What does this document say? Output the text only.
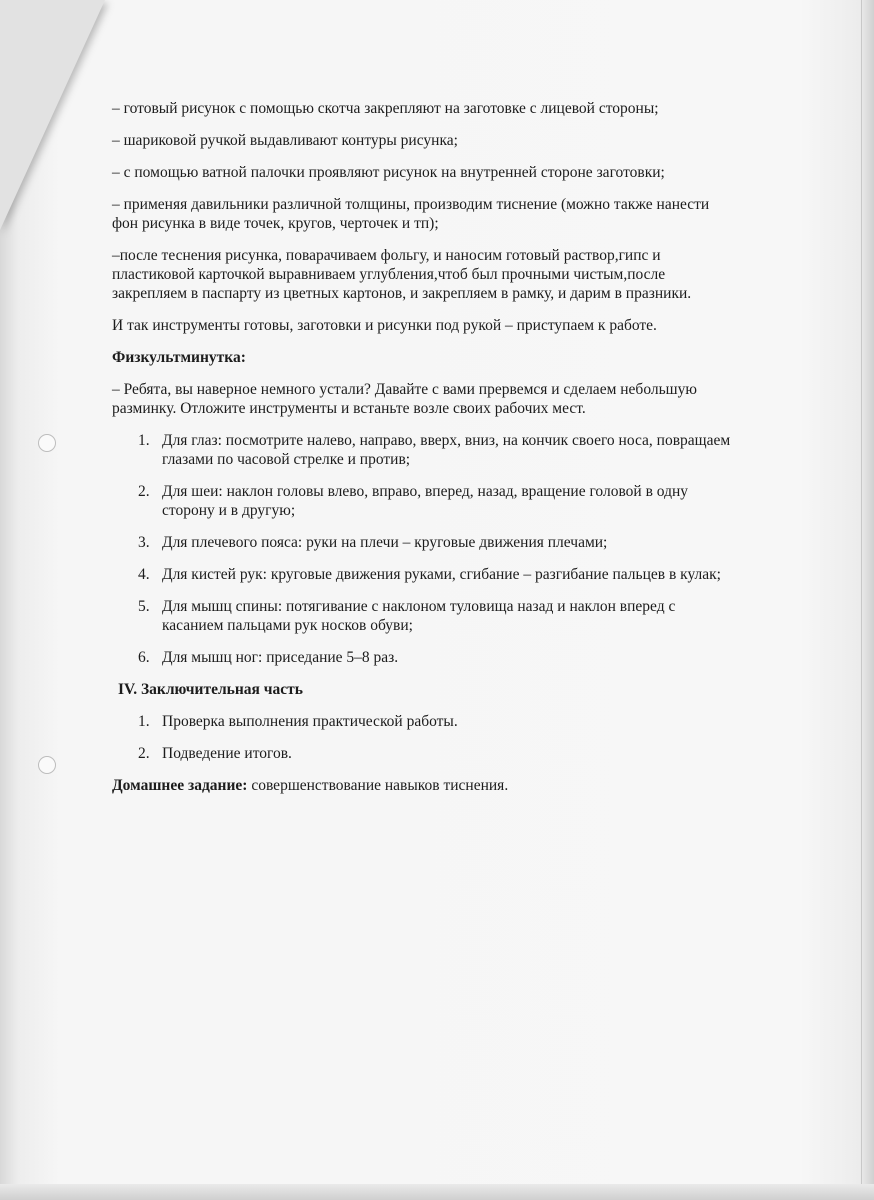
– готовый рисунок с помощью скотча закрепляют на заготовке с лицевой стороны;
– шариковой ручкой выдавливают контуры рисунка;
– с помощью ватной палочки проявляют рисунок на внутренней стороне заготовки;
– применяя давильники различной толщины, производим тиснение (можно также нанести
фон рисунка в виде точек, кругов, черточек и тп);
–после теснения рисунка, поварачиваем фольгу, и наносим готовый раствор,гипс и
пластиковой карточкой выравниваем углубления,чтоб был прочными чистым,после
закрепляем в паспарту из цветных картонов, и закрепляем в рамку, и дарим в празники.
И так инструменты готовы, заготовки и рисунки под рукой – приступаем к работе.
Физкультминутка:
– Ребята, вы наверное немного устали? Давайте с вами прервемся и сделаем небольшую
разминку. Отложите инструменты и встаньте возле своих рабочих мест.
1. Для глаз: посмотрите налево, направо, вверх, вниз, на кончик своего носа, повращаем
глазами по часовой стрелке и против;
2. Для шеи: наклон головы влево, вправо, вперед, назад, вращение головой в одну
сторону и в другую;
3. Для плечевого пояса: руки на плечи – круговые движения плечами;
4. Для кистей рук: круговые движения руками, сгибание – разгибание пальцев в кулак;
5. Для мышц спины: потягивание с наклоном туловища назад и наклон вперед с
касанием пальцами рук носков обуви;
6. Для мышц ног: приседание 5–8 раз.
IV. Заключительная часть
1. Проверка выполнения практической работы.
2. Подведение итогов.
Домашнее задание: совершенствование навыков тиснения.
